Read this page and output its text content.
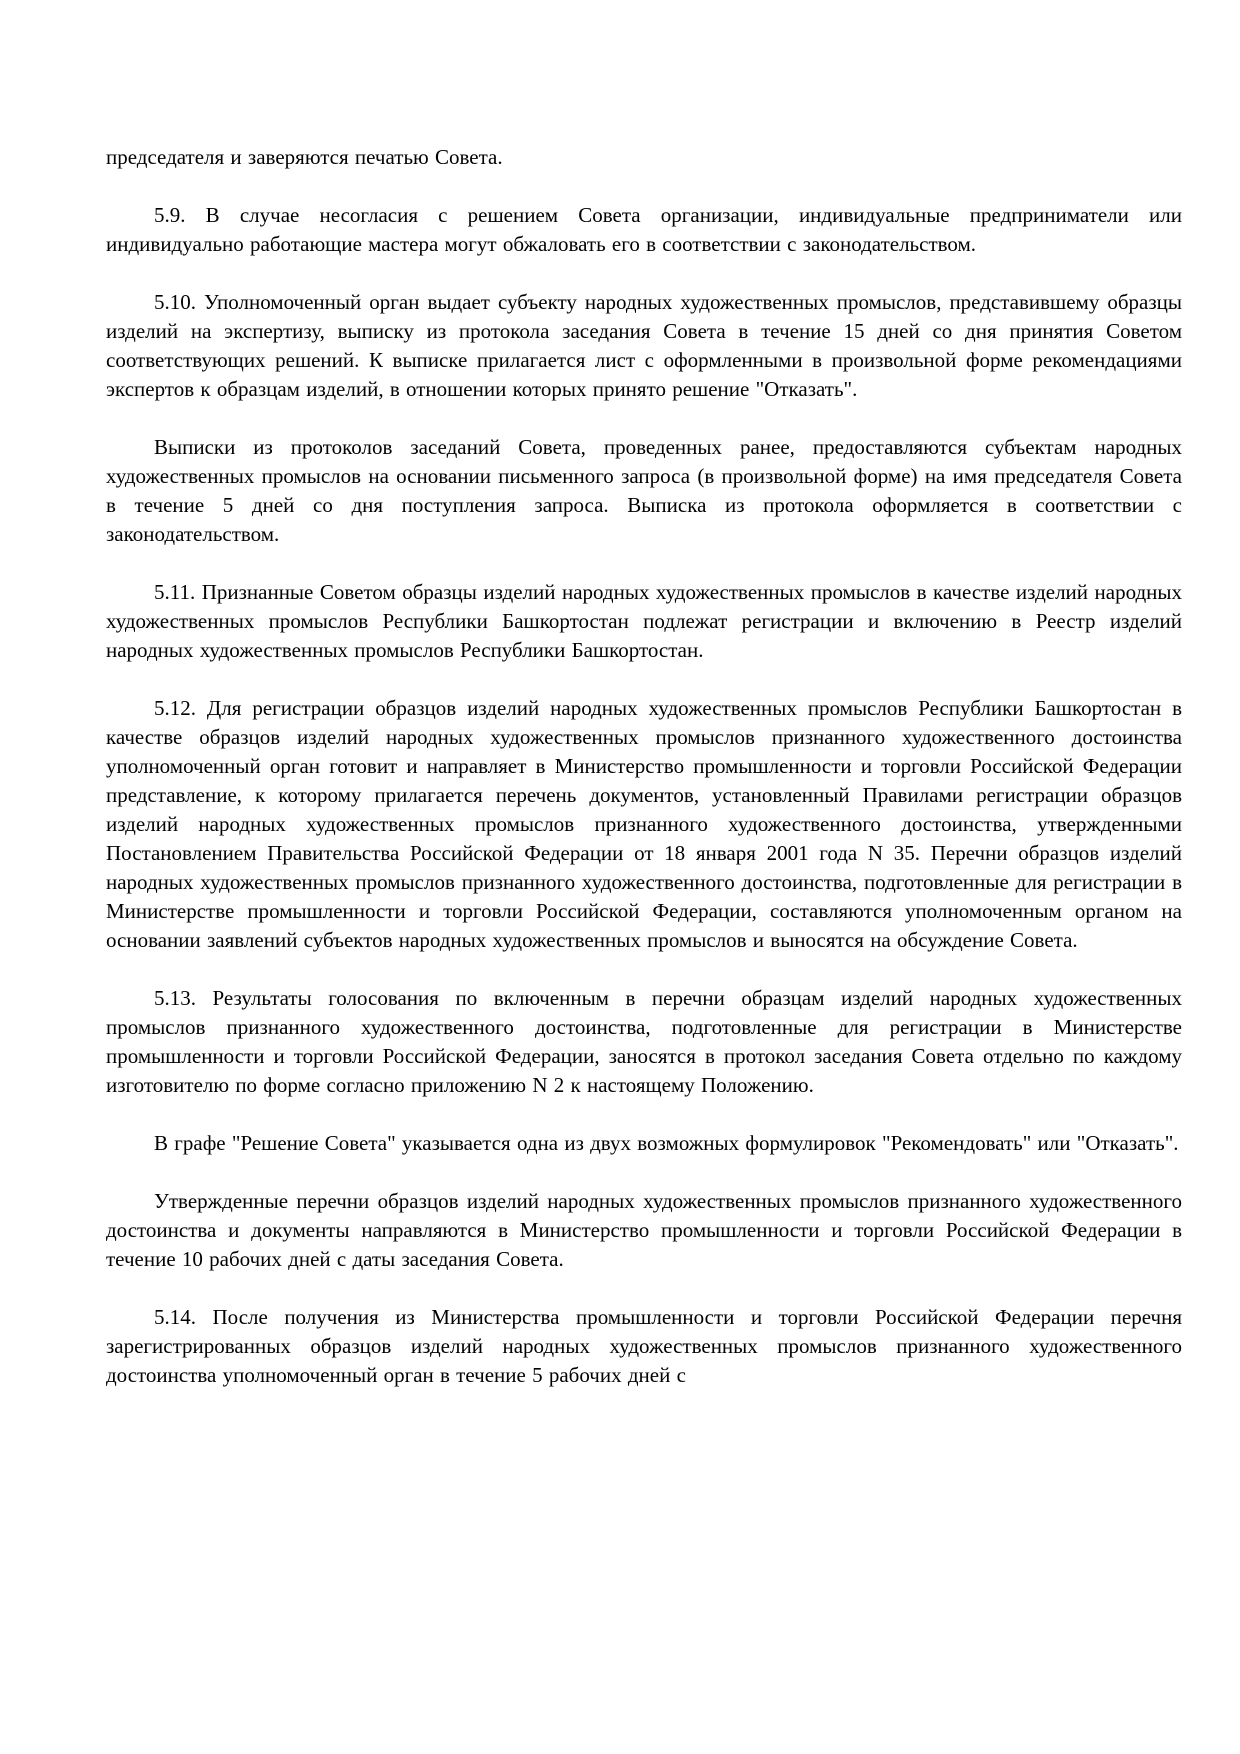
председателя и заверяются печатью Совета.

5.9. В случае несогласия с решением Совета организации, индивидуальные предприниматели или индивидуально работающие мастера могут обжаловать его в соответствии с законодательством.

5.10. Уполномоченный орган выдает субъекту народных художественных промыслов, представившему образцы изделий на экспертизу, выписку из протокола заседания Совета в течение 15 дней со дня принятия Советом соответствующих решений. К выписке прилагается лист с оформленными в произвольной форме рекомендациями экспертов к образцам изделий, в отношении которых принято решение "Отказать".

Выписки из протоколов заседаний Совета, проведенных ранее, предоставляются субъектам народных художественных промыслов на основании письменного запроса (в произвольной форме) на имя председателя Совета в течение 5 дней со дня поступления запроса. Выписка из протокола оформляется в соответствии с законодательством.

5.11. Признанные Советом образцы изделий народных художественных промыслов в качестве изделий народных художественных промыслов Республики Башкортостан подлежат регистрации и включению в Реестр изделий народных художественных промыслов Республики Башкортостан.

5.12. Для регистрации образцов изделий народных художественных промыслов Республики Башкортостан в качестве образцов изделий народных художественных промыслов признанного художественного достоинства уполномоченный орган готовит и направляет в Министерство промышленности и торговли Российской Федерации представление, к которому прилагается перечень документов, установленный Правилами регистрации образцов изделий народных художественных промыслов признанного художественного достоинства, утвержденными Постановлением Правительства Российской Федерации от 18 января 2001 года N 35. Перечни образцов изделий народных художественных промыслов признанного художественного достоинства, подготовленные для регистрации в Министерстве промышленности и торговли Российской Федерации, составляются уполномоченным органом на основании заявлений субъектов народных художественных промыслов и выносятся на обсуждение Совета.

5.13. Результаты голосования по включенным в перечни образцам изделий народных художественных промыслов признанного художественного достоинства, подготовленные для регистрации в Министерстве промышленности и торговли Российской Федерации, заносятся в протокол заседания Совета отдельно по каждому изготовителю по форме согласно приложению N 2 к настоящему Положению.

В графе "Решение Совета" указывается одна из двух возможных формулировок "Рекомендовать" или "Отказать".

Утвержденные перечни образцов изделий народных художественных промыслов признанного художественного достоинства и документы направляются в Министерство промышленности и торговли Российской Федерации в течение 10 рабочих дней с даты заседания Совета.

5.14. После получения из Министерства промышленности и торговли Российской Федерации перечня зарегистрированных образцов изделий народных художественных промыслов признанного художественного достоинства уполномоченный орган в течение 5 рабочих дней с
